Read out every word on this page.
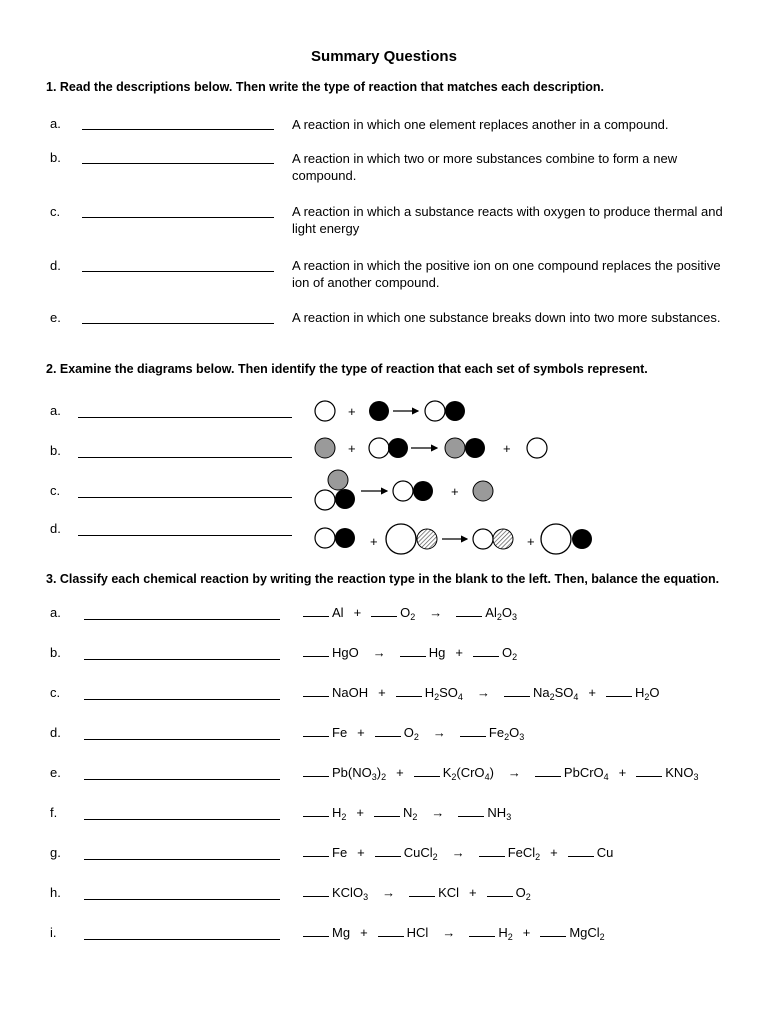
Summary Questions
1. Read the descriptions below. Then write the type of reaction that matches each description.
a.	A reaction in which one element replaces another in a compound.
b.	A reaction in which two or more substances combine to form a new compound.
c.	A reaction in which a substance reacts with oxygen to produce thermal and light energy
d.	A reaction in which the positive ion on one compound replaces the positive ion of another compound.
e.	A reaction in which one substance breaks down into two more substances.
2. Examine the diagrams below. Then identify the type of reaction that each set of symbols represent.
a.
b.
c.
d.
+
+	+
+
+	+
3. Classify each chemical reaction by writing the reaction type in the blank to the left. Then, balance the equation.
a.	Al +	$O_2$ →	$Al_2O_3$
b.	HgO →	Hg +	$O_2$
c.	NaOH +	$H_2SO_4$ →	$Na_2SO_4$ +	$H_2O$
d.	Fe +	$O_2$ →	$Fe_2O_3$
e.	$Pb(NO_3)_2$ +	$K_2(CrO_4)$ →	PbCrO$_4$ +	$KNO_3$
f.	$H_2$ +	$N_2$ →	$NH_3$
g.	Fe +	CuCl$_2$ →	FeCl$_2$ +	Cu
h.	KClO$_3$ →	KCl +	$O_2$
i.	Mg +	HCl →	$H_2$ +	MgCl$_2$
